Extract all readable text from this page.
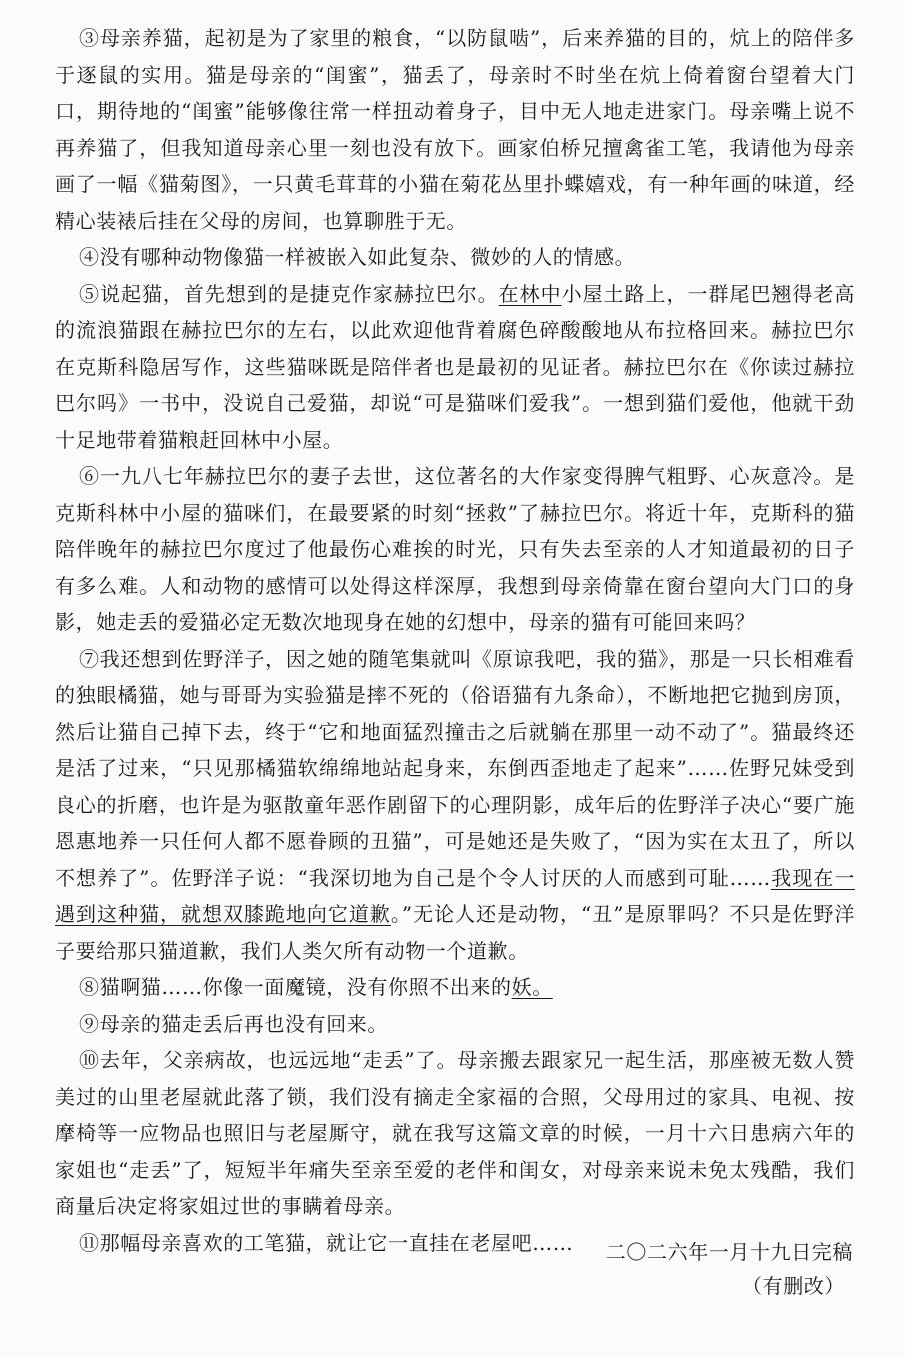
③母亲养猫，起初是为了家里的粮食，“以防鼠啮”，后来养猫的目的，炕上的陪伴多于逐鼠的实用。猫是母亲的“闺蜜”，猫丢了，母亲时不时坐在炕上倚着窗台望着大门口，期待地的“闺蜜”能够像往常一样扭动着身子，目中无人地走进家门。母亲嘴上说不再养猫了，但我知道母亲心里一刻也没有放下。画家伯桥兄擅禽雀工笔，我请他为母亲画了一幅《猫菊图》，一只黄毛茸茸的小猫在菊花丛里扑蝶嬉戏，有一种年画的味道，经精心装裱后挂在父母的房间，也算聊胜于无。

④没有哪种动物像猫一样被嵌入如此复杂、微妙的人的情感。

⑤说起猫，首先想到的是捷克作家赫拉巴尔。在林中小屋土路上，一群尾巴翘得老高的流浪猫跟在赫拉巴尔的左右，以此欢迎他背着腐色碎酸酸地从布拉格回来。赫拉巴尔在克斯科隐居写作，这些猫咪既是陪伴者也是最初的见证者。赫拉巴尔在《你读过赫拉巴尔吗》一书中，没说自己爱猫，却说“可是猫咪们爱我”。一想到猫们爱他，他就干劲十足地带着猫粮赶回林中小屋。

⑥一九八七年赫拉巴尔的妻子去世，这位著名的大作家变得脾气粗野、心灰意冷。是克斯科林中小屋的猫咪们，在最要紧的时刻“拯救”了赫拉巴尔。将近十年，克斯科的猫陪伴晚年的赫拉巴尔度过了他最伤心难挨的时光，只有失去至亲的人才知道最初的日子有多么难。人和动物的感情可以处得这样深厚，我想到母亲倚靠在窗台望向大门口的身影，她走丢的爱猫必定无数次地现身在她的幻想中，母亲的猫有可能回来吗？

⑦我还想到佐野洋子，因之她的随笔集就叫《原谅我吧，我的猫》，那是一只长相难看的独眼橘猫，她与哥哥为实验猫是摔不死的（俗语猫有九条命），不断地把它抛到房顶，然后让猫自己掉下去，终于“它和地面猛烈撞击之后就躺在那里一动不动了”。猫最终还是活了过来，“只见那橘猫软绵绵地站起身来，东倒西歪地走了起来”……佐野兄妹受到良心的折磨，也许是为驱散童年恶作剧留下的心理阴影，成年后的佐野洋子决心“要广施恩惠地养一只任何人都不愿眷顾的丑猫”，可是她还是失败了，“因为实在太丑了，所以不想养了”。佐野洋子说：“我深切地为自己是个令人讨厌的人而感到可耻……我现在一遇到这种猫，就想双膝跪地向它道歉。”无论人还是动物，“丑”是原罪吗？不只是佐野洋子要给那只猫道歉，我们人类欠所有动物一个道歉。

⑧猫啊猫……你像一面魔镜，没有你照不出来的妖。

⑨母亲的猫走丢后再也没有回来。

⑩去年，父亲病故，也远远地“走丢”了。母亲搬去跟家兄一起生活，那座被无数人赞美过的山里老屋就此落了锁，我们没有摘走全家福的合照，父母用过的家具、电视、按摩椅等一应物品也照旧与老屋厮守，就在我写这篇文章的时候，一月十六日患病六年的家姐也“走丢”了，短短半年痛失至亲至爱的老伴和闺女，对母亲来说未免太残酷，我们商量后决定将家姐过世的事瞒着母亲。

⑪那幅母亲喜欢的工笔猫，就让它一直挂在老屋吧……	二〇二六年一月十九日完稿
（有删改）
